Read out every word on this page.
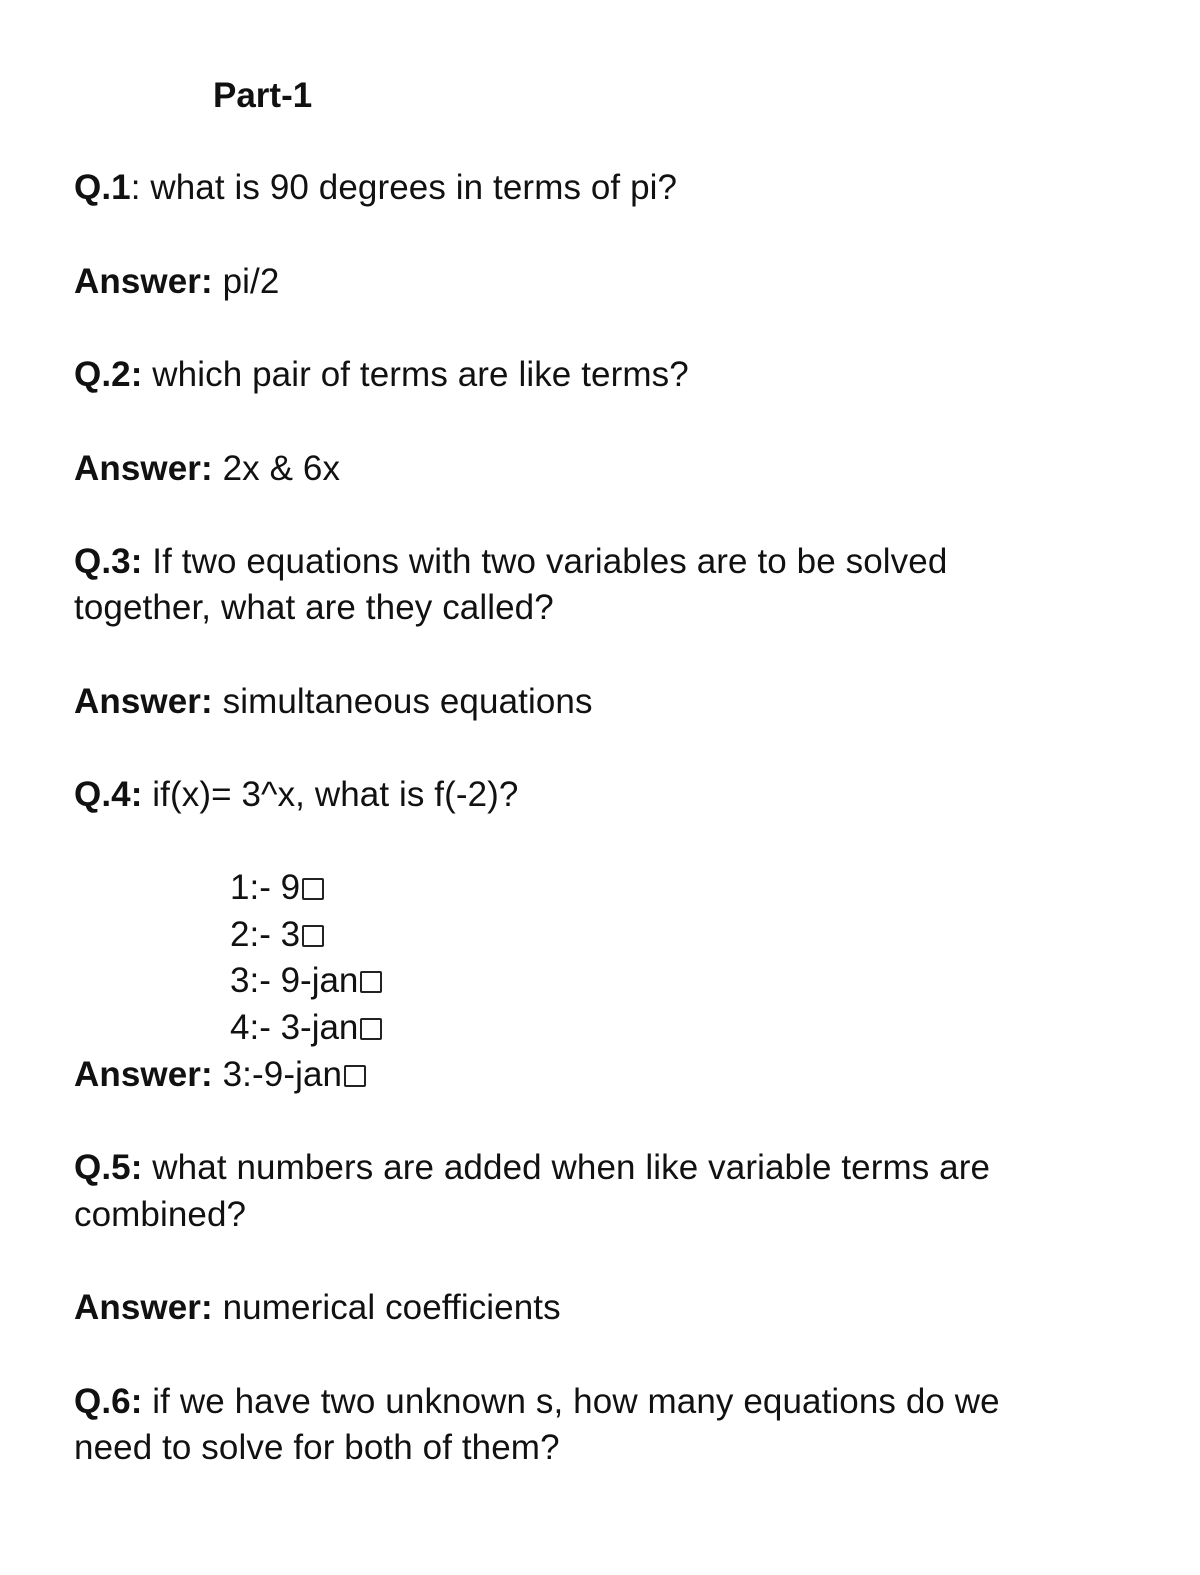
Part-1
Q.1: what is 90 degrees in terms of pi?
Answer: pi/2
Q.2: which pair of terms are like terms?
Answer: 2x & 6x
Q.3: If two equations with two variables are to be solved
together, what are they called?
Answer: simultaneous equations
Q.4: if(x)= 3^x, what is f(-2)?
1:- 9
2:- 3
3:- 9-jan
4:- 3-jan
Answer: 3:-9-jan
Q.5: what numbers are added when like variable terms are
combined?
Answer: numerical coefficients
Q.6: if we have two unknown s, how many equations do we
need to solve for both of them?
